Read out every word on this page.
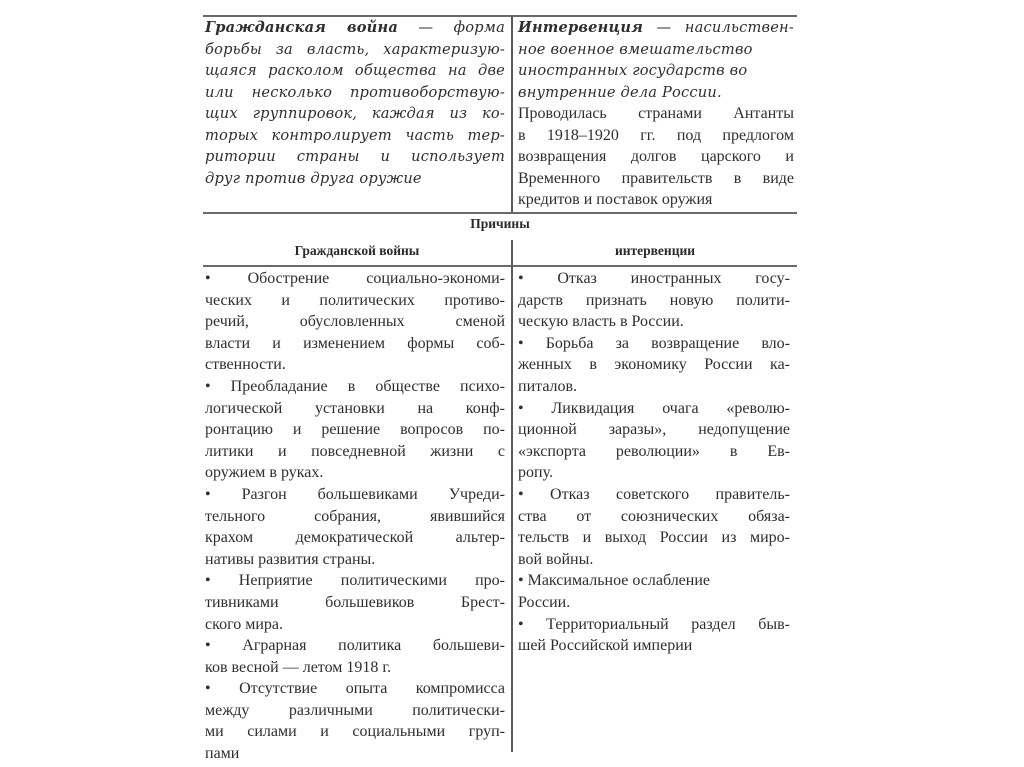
Гражданская война — форма
борьбы за власть, характеризую-
щаяся расколом общества на две
или несколько противоборствую-
щих группировок, каждая из ко-
торых контролирует часть тер-
ритории страны и использует
друг против друга оружие
Интервенция — насильствен-
ное военное вмешательство
иностранных государств во
внутренние дела России.
Проводилась странами Антанты
в 1918–1920 гг. под предлогом
возвращения долгов царского и
Временного правительств в виде
кредитов и поставок оружия
Причины
Гражданской войны	интервенции
• Обострение социально-экономи-
ческих и политических противо-
речий, обусловленных сменой
власти и изменением формы соб-
ственности.
• Преобладание в обществе психо-
логической установки на конф-
ронтацию и решение вопросов по-
литики и повседневной жизни с
оружием в руках.
• Разгон большевиками Учреди-
тельного собрания, явившийся
крахом демократической альтер-
нативы развития страны.
• Неприятие политическими про-
тивниками большевиков Брест-
ского мира.
• Аграрная политика большеви-
ков весной — летом 1918 г.
• Отсутствие опыта компромисса
между различными политически-
ми силами и социальными груп-
пами
• Отказ иностранных госу-
дарств признать новую полити-
ческую власть в России.
• Борьба за возвращение вло-
женных в экономику России ка-
питалов.
• Ликвидация очага «револю-
ционной заразы», недопущение
«экспорта революции» в Ев-
ропу.
• Отказ советского правитель-
ства от союзнических обяза-
тельств и выход России из миро-
вой войны.
• Максимальное ослабление
России.
• Территориальный раздел быв-
шей Российской империи
